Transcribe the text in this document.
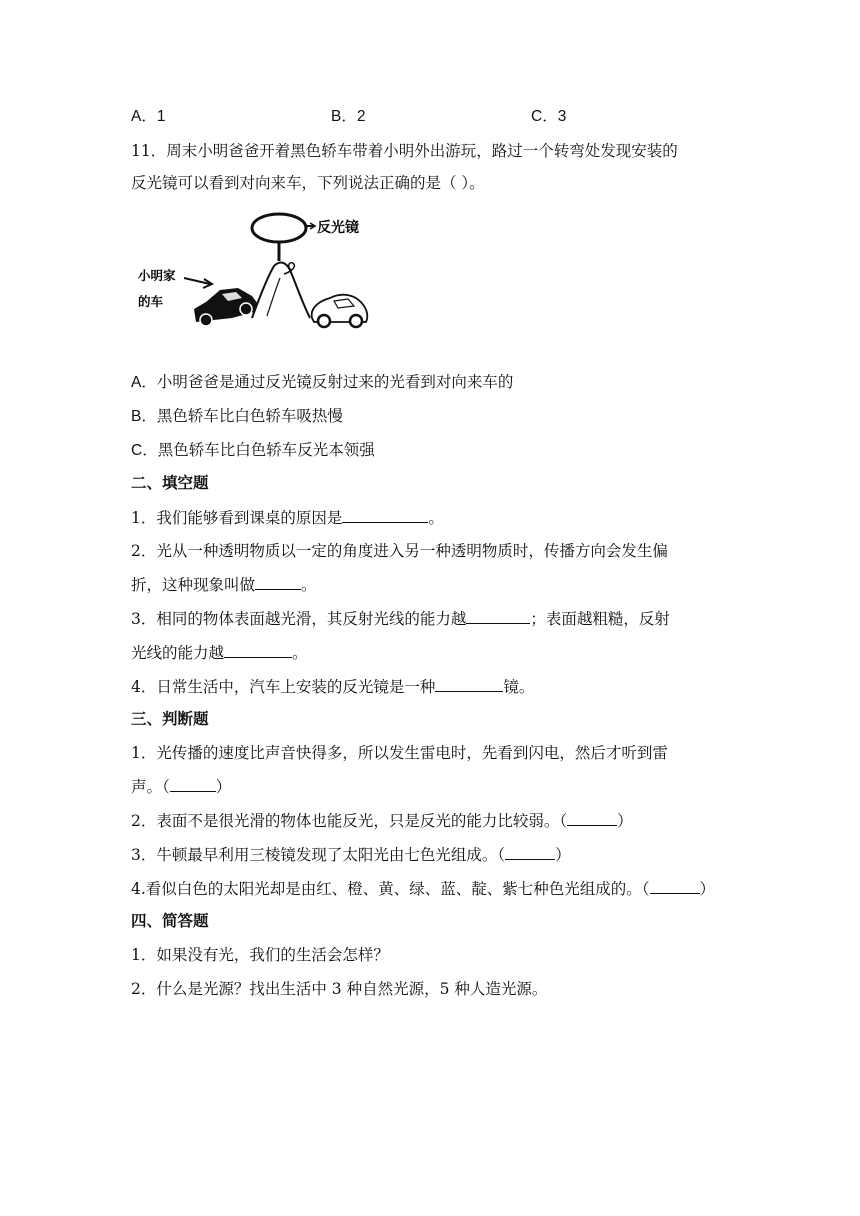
A．1	B．2	C．3
11．周末小明爸爸开着黑色轿车带着小明外出游玩，路过一个转弯处发现安装的
反光镜可以看到对向来车，下列说法正确的是（ ）。
反光镜
小明家
的车
A．小明爸爸是通过反光镜反射过来的光看到对向来车的
B．黑色轿车比白色轿车吸热慢
C．黑色轿车比白色轿车反光本领强
二、填空题
1．我们能够看到课桌的原因是	。
2．光从一种透明物质以一定的角度进入另一种透明物质时，传播方向会发生偏
折，这种现象叫做	。
3．相同的物体表面越光滑，其反射光线的能力越	；表面越粗糙，反射
光线的能力越	。
4．日常生活中，汽车上安装的反光镜是一种	镜。
三、判断题
1．光传播的速度比声音快得多，所以发生雷电时，先看到闪电，然后才听到雷
声。（	）
2．表面不是很光滑的物体也能反光，只是反光的能力比较弱。（	）
3．牛顿最早利用三棱镜发现了太阳光由七色光组成。（	）
4.看似白色的太阳光却是由红、橙、黄、绿、蓝、靛、紫七种色光组成的。（	）
四、简答题
1．如果没有光，我们的生活会怎样？
2．什么是光源？找出生活中 3 种自然光源，5 种人造光源。
